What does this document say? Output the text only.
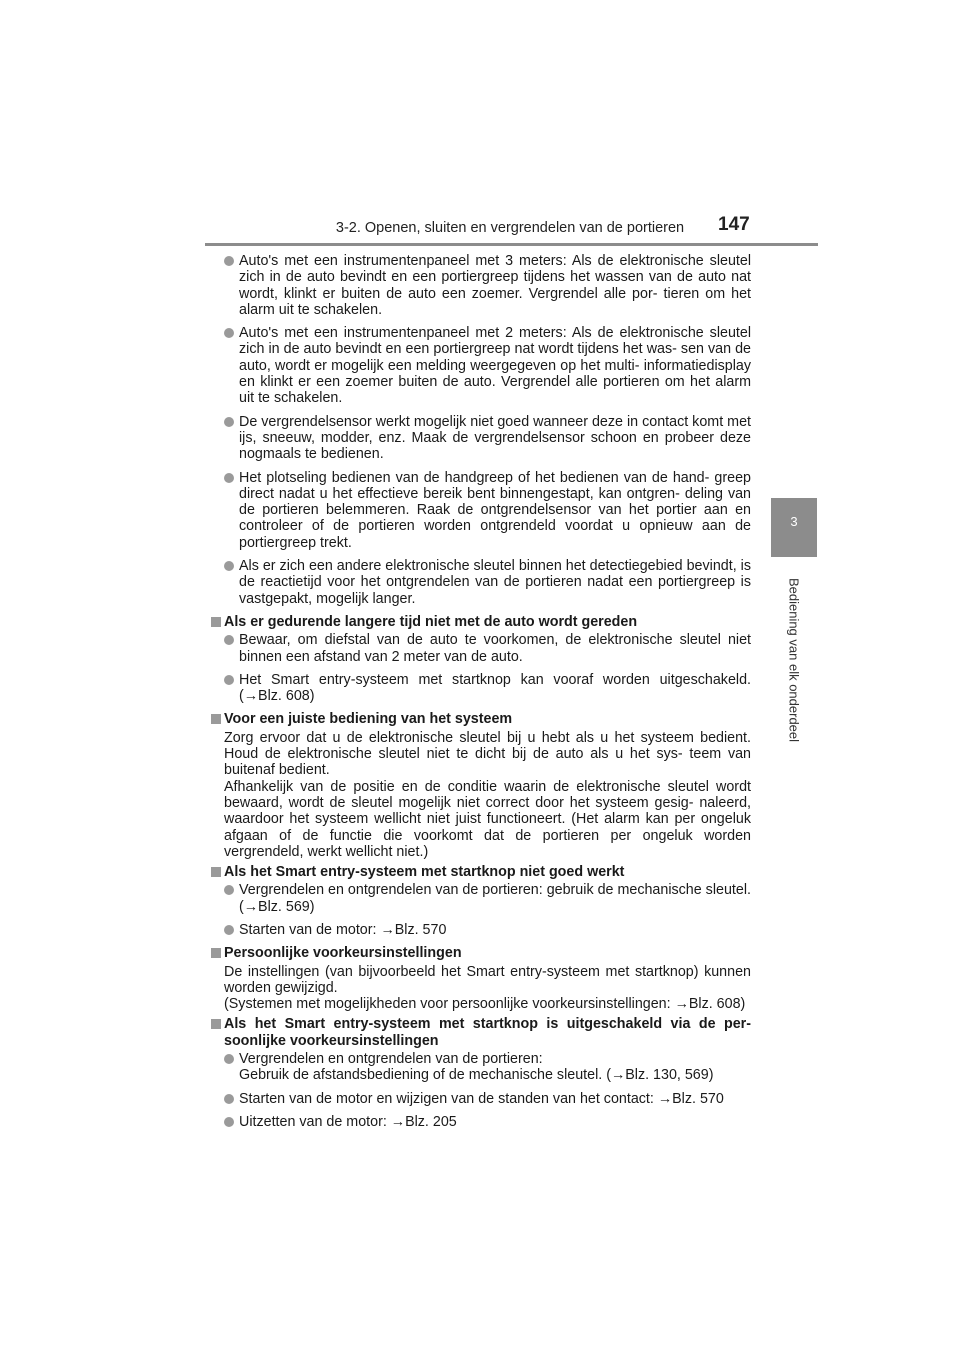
3-2. Openen, sluiten en vergrendelen van de portieren	147
3
Bediening van elk onderdeel
Auto's met een instrumentenpaneel met 3 meters: Als de elektronische sleutel zich in de auto bevindt en een portiergreep tijdens het wassen van de auto nat wordt, klinkt er buiten de auto een zoemer. Vergrendel alle por- tieren om het alarm uit te schakelen.
Auto's met een instrumentenpaneel met 2 meters: Als de elektronische sleutel zich in de auto bevindt en een portiergreep nat wordt tijdens het was- sen van de auto, wordt er mogelijk een melding weergegeven op het multi- informatiedisplay en klinkt er een zoemer buiten de auto. Vergrendel alle portieren om het alarm uit te schakelen.
De vergrendelsensor werkt mogelijk niet goed wanneer deze in contact komt met ijs, sneeuw, modder, enz. Maak de vergrendelsensor schoon en probeer deze nogmaals te bedienen.
Het plotseling bedienen van de handgreep of het bedienen van de hand- greep direct nadat u het effectieve bereik bent binnengestapt, kan ontgren- deling van de portieren belemmeren. Raak de ontgrendelsensor van het portier aan en controleer of de portieren worden ontgrendeld voordat u opnieuw aan de portiergreep trekt.
Als er zich een andere elektronische sleutel binnen het detectiegebied bevindt, is de reactietijd voor het ontgrendelen van de portieren nadat een portiergreep is vastgepakt, mogelijk langer.
Als er gedurende langere tijd niet met de auto wordt gereden
Bewaar, om diefstal van de auto te voorkomen, de elektronische sleutel niet binnen een afstand van 2 meter van de auto.
Het Smart entry-systeem met startknop kan vooraf worden uitgeschakeld. (→Blz. 608)
Voor een juiste bediening van het systeem
Zorg ervoor dat u de elektronische sleutel bij u hebt als u het systeem bedient. Houd de elektronische sleutel niet te dicht bij de auto als u het sys- teem van buitenaf bedient.
Afhankelijk van de positie en de conditie waarin de elektronische sleutel wordt bewaard, wordt de sleutel mogelijk niet correct door het systeem gesig- naleerd, waardoor het systeem wellicht niet juist functioneert. (Het alarm kan per ongeluk afgaan of de functie die voorkomt dat de portieren per ongeluk worden vergrendeld, werkt wellicht niet.)
Als het Smart entry-systeem met startknop niet goed werkt
Vergrendelen en ontgrendelen van de portieren: gebruik de mechanische sleutel. (→Blz. 569)
Starten van de motor: →Blz. 570
Persoonlijke voorkeursinstellingen
De instellingen (van bijvoorbeeld het Smart entry-systeem met startknop) kunnen worden gewijzigd.
(Systemen met mogelijkheden voor persoonlijke voorkeursinstellingen: →Blz. 608)
Als het Smart entry-systeem met startknop is uitgeschakeld via de per- soonlijke voorkeursinstellingen
Vergrendelen en ontgrendelen van de portieren:
Gebruik de afstandsbediening of de mechanische sleutel. (→Blz. 130, 569)
Starten van de motor en wijzigen van de standen van het contact: →Blz. 570
Uitzetten van de motor: →Blz. 205
